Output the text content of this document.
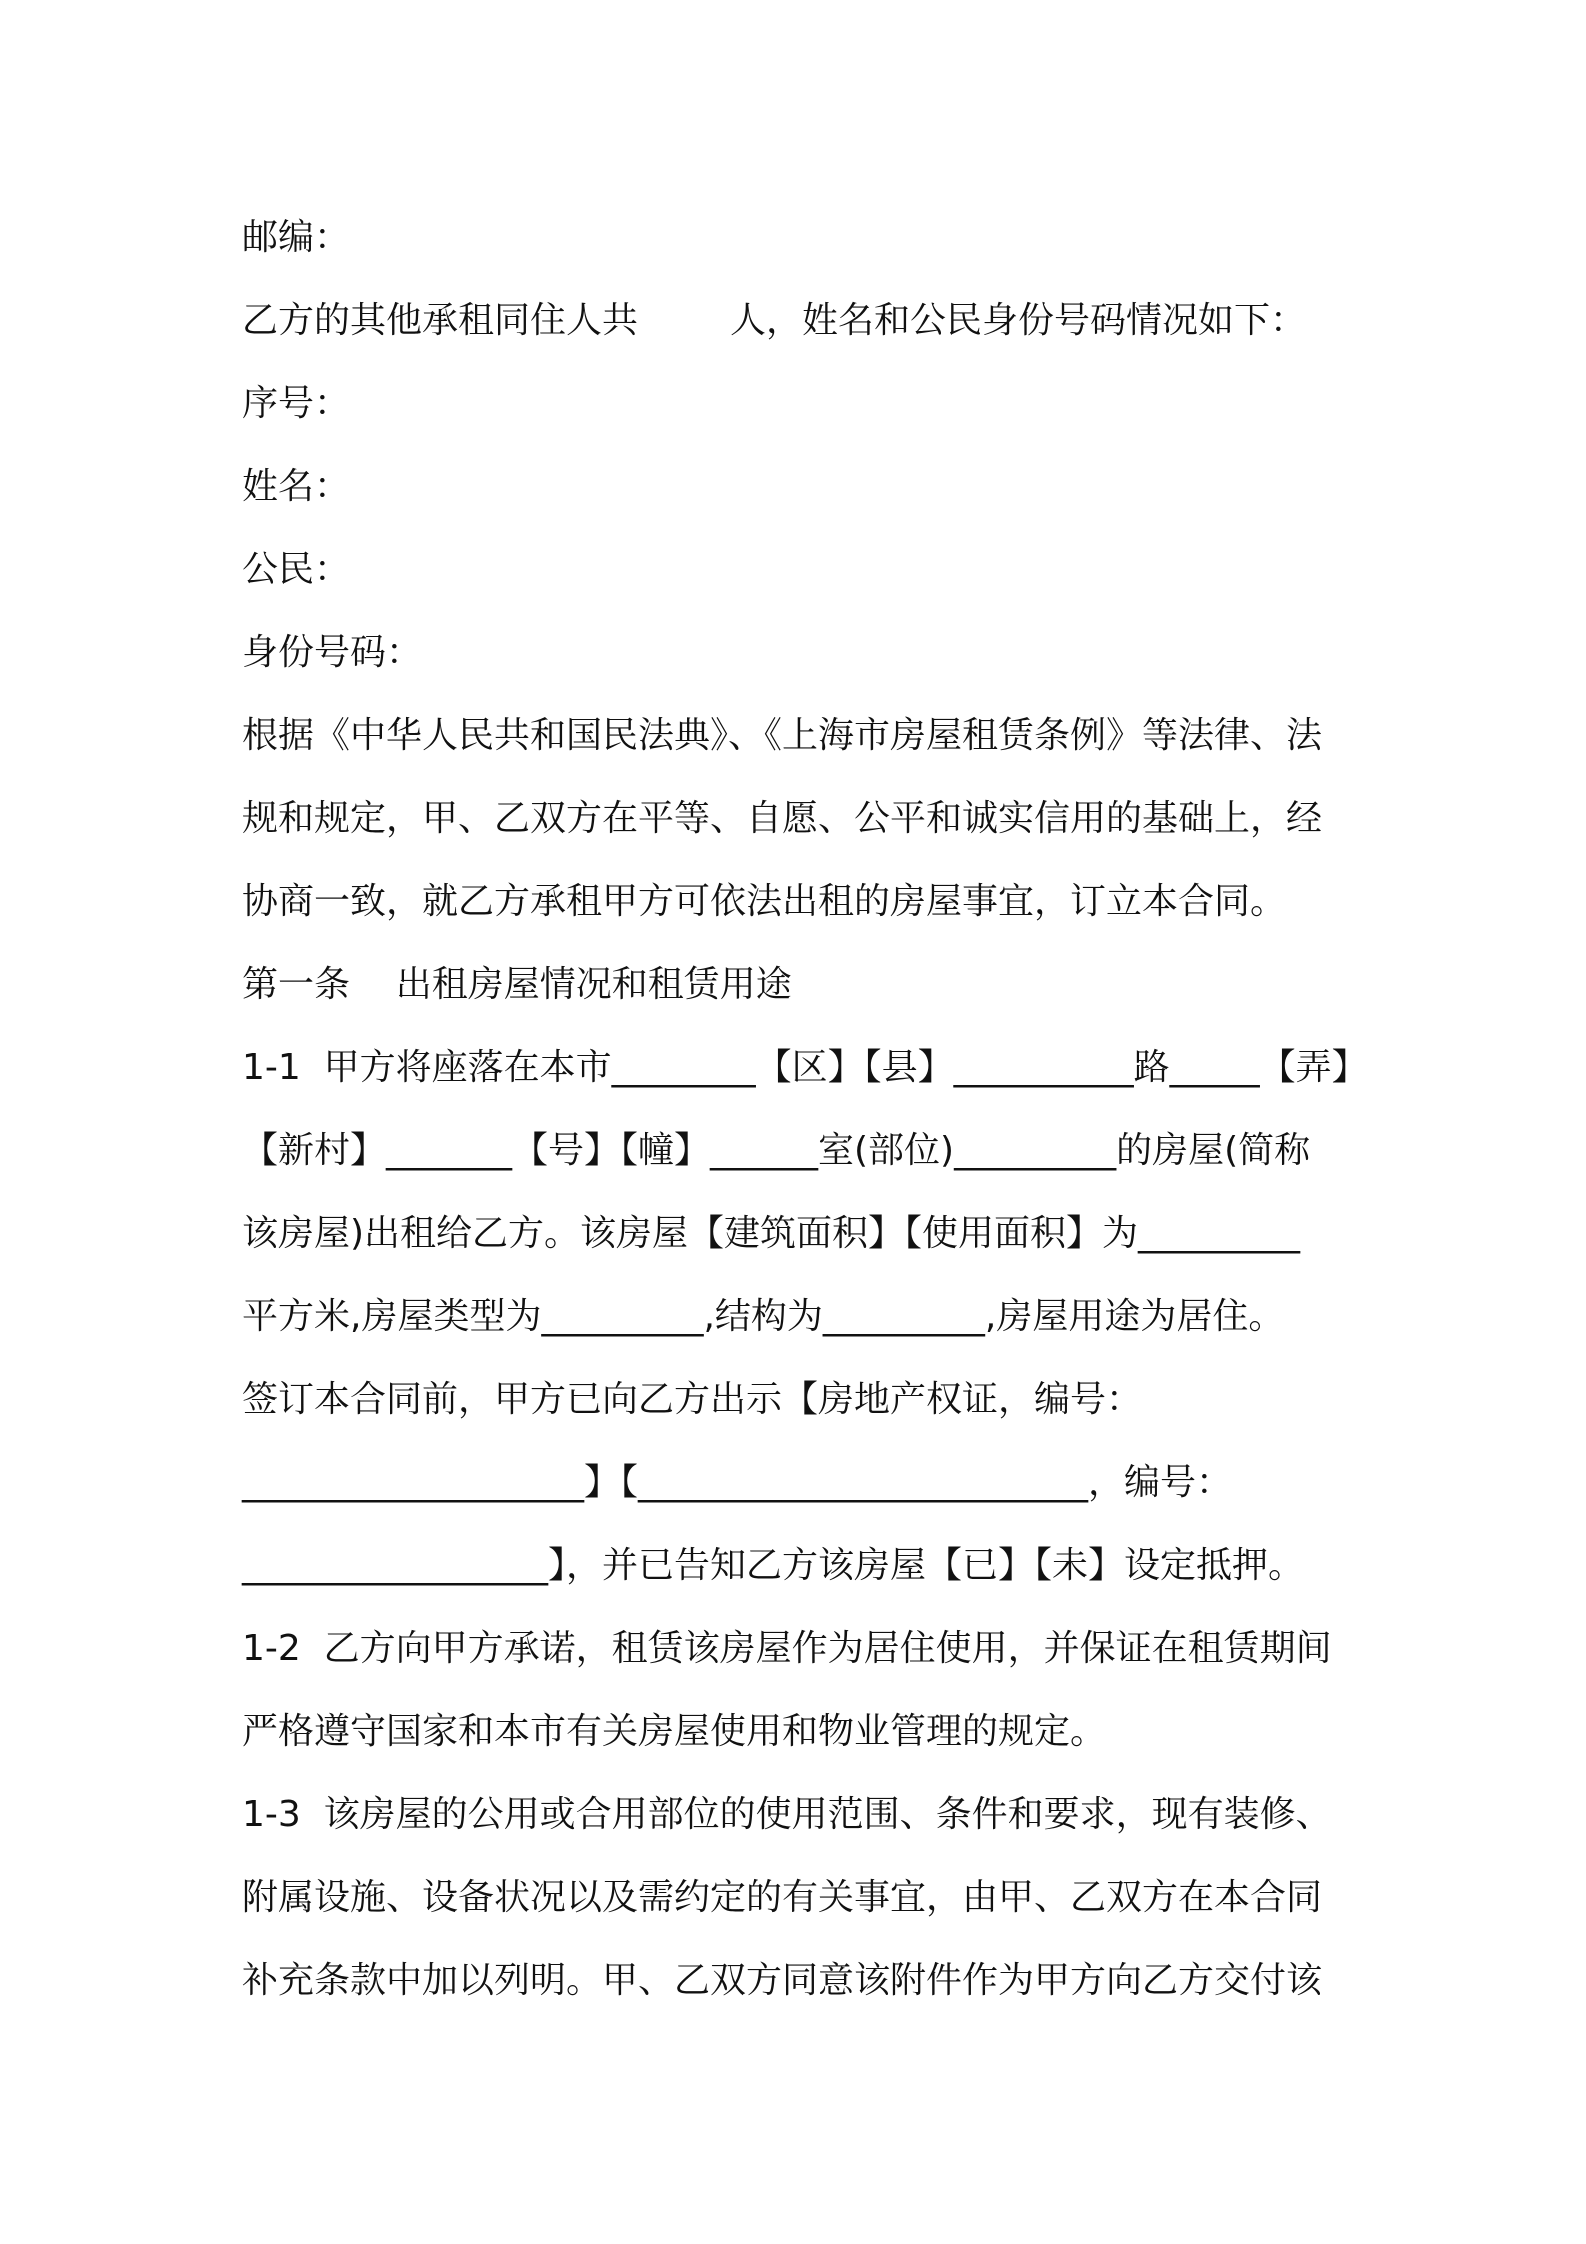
邮编：
乙方的其他承租同住人共	人，姓名和公民身份号码情况如下：
序号：
姓名：
公民：
身份号码：
根据《中华人民共和国民法典》、《上海市房屋租赁条例》等法律、法
规和规定，甲、乙双方在平等、自愿、公平和诚实信用的基础上，经
协商一致，就乙方承租甲方可依法出租的房屋事宜，订立本合同。
第一条    出租房屋情况和租赁用途
1-1  甲方将座落在本市________【区】【县】__________路_____【弄】
【新村】_______【号】【幢】______室(部位)_________的房屋(简称
该房屋)出租给乙方。该房屋【建筑面积】【使用面积】为_________
平方米,房屋类型为_________,结构为_________,房屋用途为居住。
签订本合同前，甲方已向乙方出示【房地产权证，编号：
___________________】【_________________________，编号：
_________________】，并已告知乙方该房屋【已】【未】设定抵押。
1-2  乙方向甲方承诺，租赁该房屋作为居住使用，并保证在租赁期间
严格遵守国家和本市有关房屋使用和物业管理的规定。
1-3  该房屋的公用或合用部位的使用范围、条件和要求，现有装修、
附属设施、设备状况以及需约定的有关事宜，由甲、乙双方在本合同
补充条款中加以列明。甲、乙双方同意该附件作为甲方向乙方交付该
